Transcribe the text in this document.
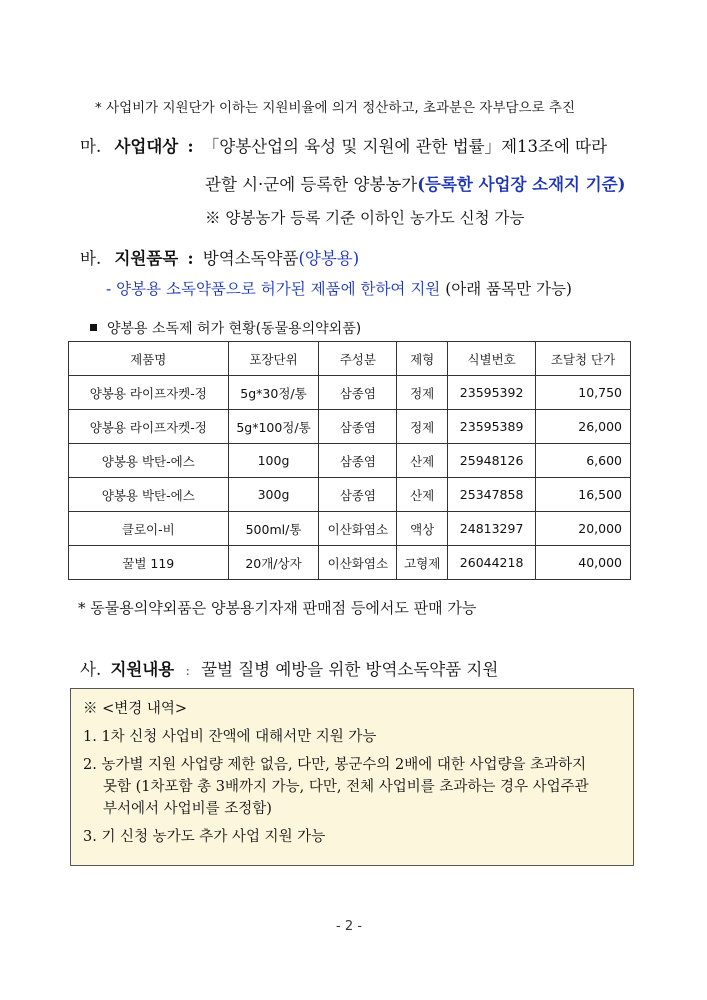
* 사업비가 지원단가 이하는 지원비율에 의거 정산하고, 초과분은 자부담으로 추진
마. 사업대상 : 「양봉산업의 육성 및 지원에 관한 법률」제13조에 따라
관할 시·군에 등록한 양봉농가(등록한 사업장 소재지 기준)
※ 양봉농가 등록 기준 이하인 농가도 신청 가능
바. 지원품목 : 방역소독약품(양봉용)
- 양봉용 소독약품으로 허가된 제품에 한하여 지원 (아래 품목만 가능)
양봉용 소독제 허가 현황(동물용의약외품)
제품명	포장단위	주성분	제형	식별번호	조달청 단가
양봉용 라이프자켓-정	5g*30정/통	삼종염	정제	23595392	10,750
양봉용 라이프자켓-정	5g*100정/통	삼종염	정제	23595389	26,000
양봉용 박탄-에스	100g	삼종염	산제	25948126	6,600
양봉용 박탄-에스	300g	삼종염	산제	25347858	16,500
클로이-비	500ml/통	이산화염소	액상	24813297	20,000
꿀벌 119	20개/상자	이산화염소	고형제	26044218	40,000
* 동물용의약외품은 양봉용기자재 판매점 등에서도 판매 가능
사. 지원내용 : 꿀벌 질병 예방을 위한 방역소독약품 지원
※ <변경 내역>
1. 1차 신청 사업비 잔액에 대해서만 지원 가능
2. 농가별 지원 사업량 제한 없음, 다만, 봉군수의 2배에 대한 사업량을 초과하지
못함 (1차포함 총 3배까지 가능, 다만, 전체 사업비를 초과하는 경우 사업주관
부서에서 사업비를 조정함)
3. 기 신청 농가도 추가 사업 지원 가능
- 2 -
